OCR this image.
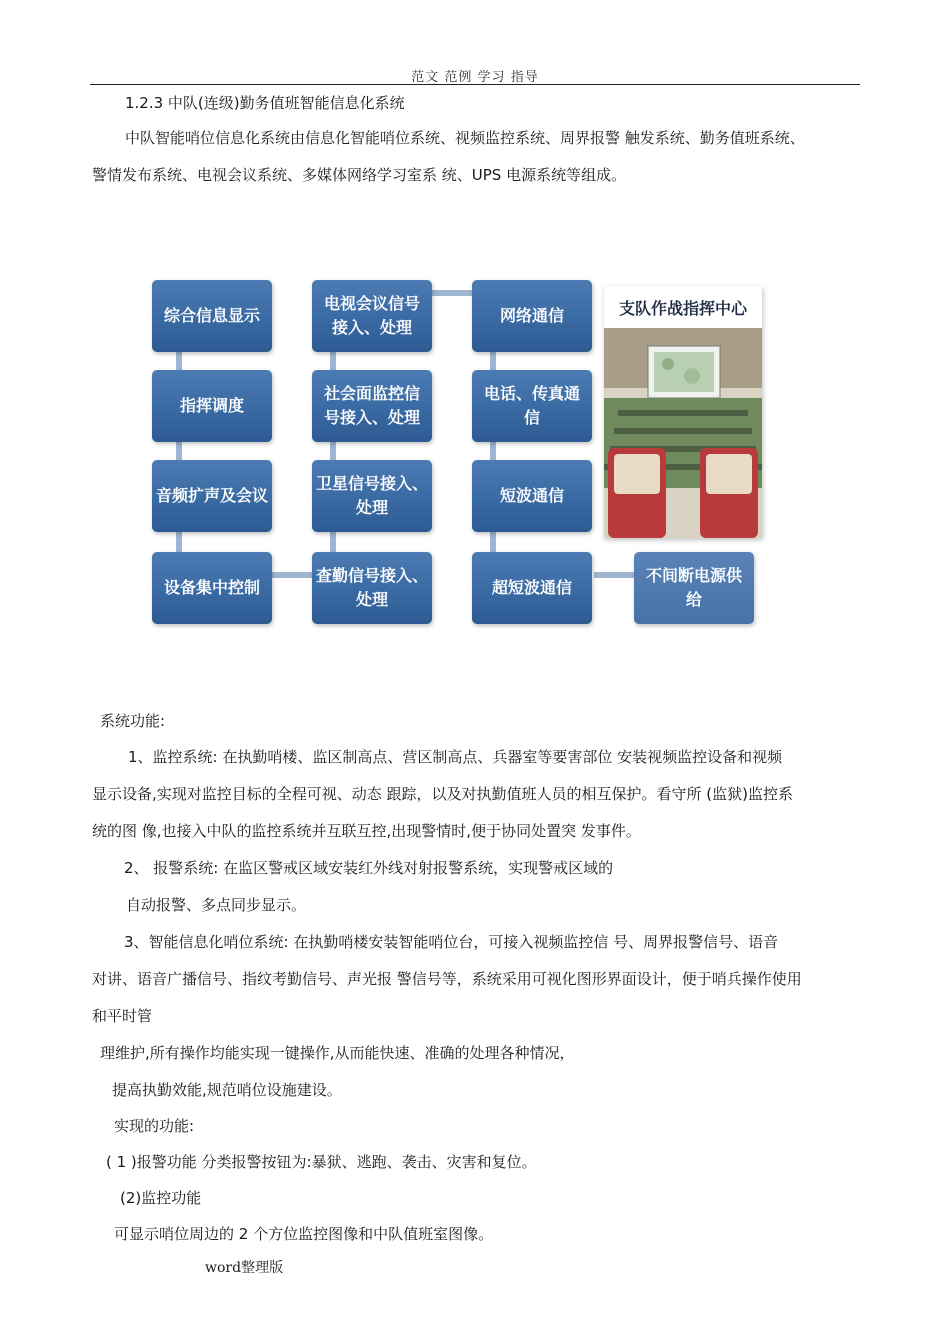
范文 范例 学习 指导
1.2.3 中队(连级)勤务值班智能信息化系统
中队智能哨位信息化系统由信息化智能哨位系统、视频监控系统、周界报警 触发系统、勤务值班系统、
警情发布系统、电视会议系统、多媒体网络学习室系 统、UPS 电源系统等组成。
综合信息显示
指挥调度
音频扩声及会议
设备集中控制
电视会议信号
接入、处理
社会面监控信
号接入、处理
卫星信号接入、
处理
查勤信号接入、
处理
网络通信
电话、传真通
信
短波通信
超短波通信
支队作战指挥中心
不间断电源供
给
系统功能:
1、监控系统: 在执勤哨楼、监区制高点、营区制高点、兵器室等要害部位 安装视频监控设备和视频
显示设备,实现对监控目标的全程可视、动态 跟踪，以及对执勤值班人员的相互保护。看守所 (监狱)监控系
统的图 像,也接入中队的监控系统并互联互控,出现警情时,便于协同处置突 发事件。
2、 报警系统: 在监区警戒区域安装红外线对射报警系统，实现警戒区域的
自动报警、多点同步显示。
3、智能信息化哨位系统: 在执勤哨楼安装智能哨位台，可接入视频监控信 号、周界报警信号、语音
对讲、语音广播信号、指纹考勤信号、声光报 警信号等，系统采用可视化图形界面设计，便于哨兵操作使用
和平时管
理维护,所有操作均能实现一键操作,从而能快速、准确的处理各种情况，
提高执勤效能,规范哨位设施建设。
实现的功能:
( 1 )报警功能 分类报警按钮为:暴狱、逃跑、袭击、灾害和复位。
(2)监控功能
可显示哨位周边的 2 个方位监控图像和中队值班室图像。
word整理版
